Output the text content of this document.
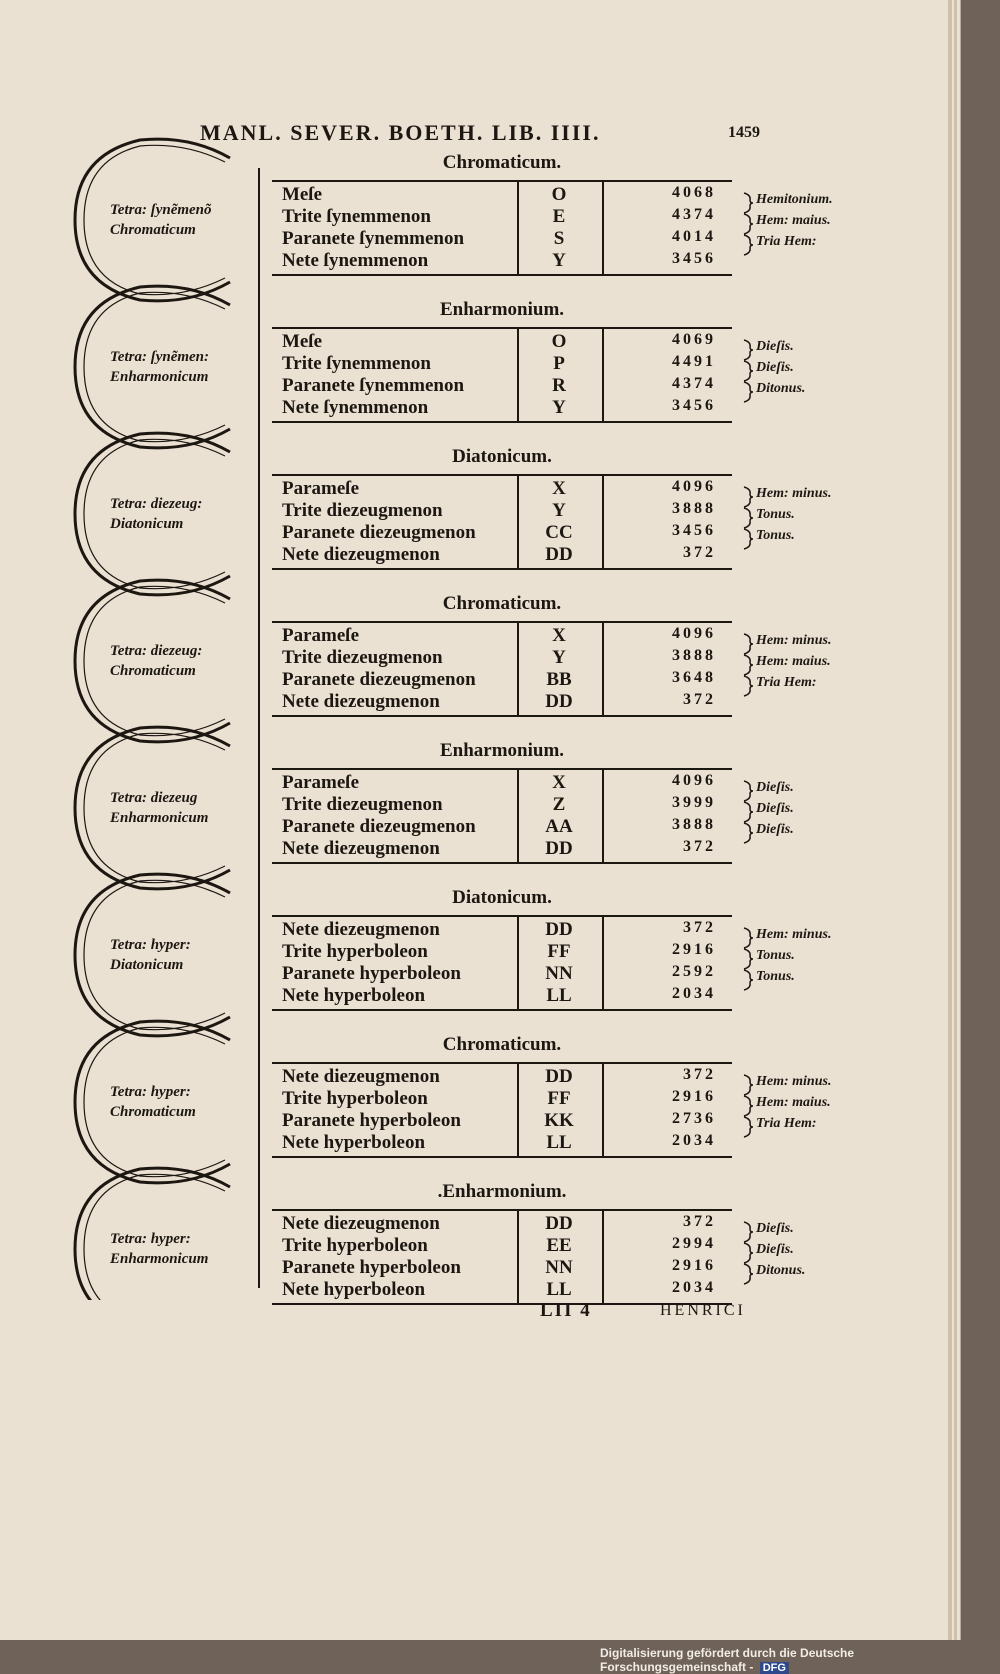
MANL. SEVER. BOETH. LIB. IIII.	1459
Chromaticum.
Meſe	O	4068
Trite ſynemmenon	E	4374
Paranete ſynemmenon	S	4014
Nete ſynemmenon	Y	3456
Enharmonium.
Meſe	O	4069
Trite ſynemmenon	P	4491
Paranete ſynemmenon	R	4374
Nete ſynemmenon	Y	3456
Diatonicum.
Parameſe	X	4096
Trite diezeugmenon	Y	3888
Paranete diezeugmenon	CC	3456
Nete diezeugmenon	DD	372
Chromaticum.
Parameſe	X	4096
Trite diezeugmenon	Y	3888
Paranete diezeugmenon	BB	3648
Nete diezeugmenon	DD	372
Enharmonium.
Parameſe	X	4096
Trite diezeugmenon	Z	3999
Paranete diezeugmenon	AA	3888
Nete diezeugmenon	DD	372
Diatonicum.
Nete diezeugmenon	DD	372
Trite hyperboleon	FF	2916
Paranete hyperboleon	NN	2592
Nete hyperboleon	LL	2034
Chromaticum.
Nete diezeugmenon	DD	372
Trite hyperboleon	FF	2916
Paranete hyperboleon	KK	2736
Nete hyperboleon	LL	2034
.Enharmonium.
Nete diezeugmenon	DD	372
Trite hyperboleon	EE	2994
Paranete hyperboleon	NN	2916
Nete hyperboleon	LL	2034
LII 4	HENRICI
Hemitonium.
Hem: maius.
Tria Hem:
Tetra: ſynẽmenõ Chromaticum
Dieſis.
Dieſis.
Ditonus.
Tetra: ſynẽmen: Enharmonicum
Hem: minus.
Tonus.
Tonus.
Tetra: diezeug: Diatonicum
Hem: minus.
Hem: maius.
Tria Hem:
Tetra: diezeug: Chromaticum
Dieſis.
Dieſis.
Dieſis.
Tetra: diezeug Enharmonicum
Hem: minus.
Tonus.
Tonus.
Tetra: hyper: Diatonicum
Hem: minus.
Hem: maius.
Tria Hem:
Tetra: hyper: Chromaticum
Dieſis.
Dieſis.
Ditonus.
Tetra: hyper: Enharmonicum
Digitalisierung gefördert durch die Deutsche Forschungsgemeinschaft - DFG
